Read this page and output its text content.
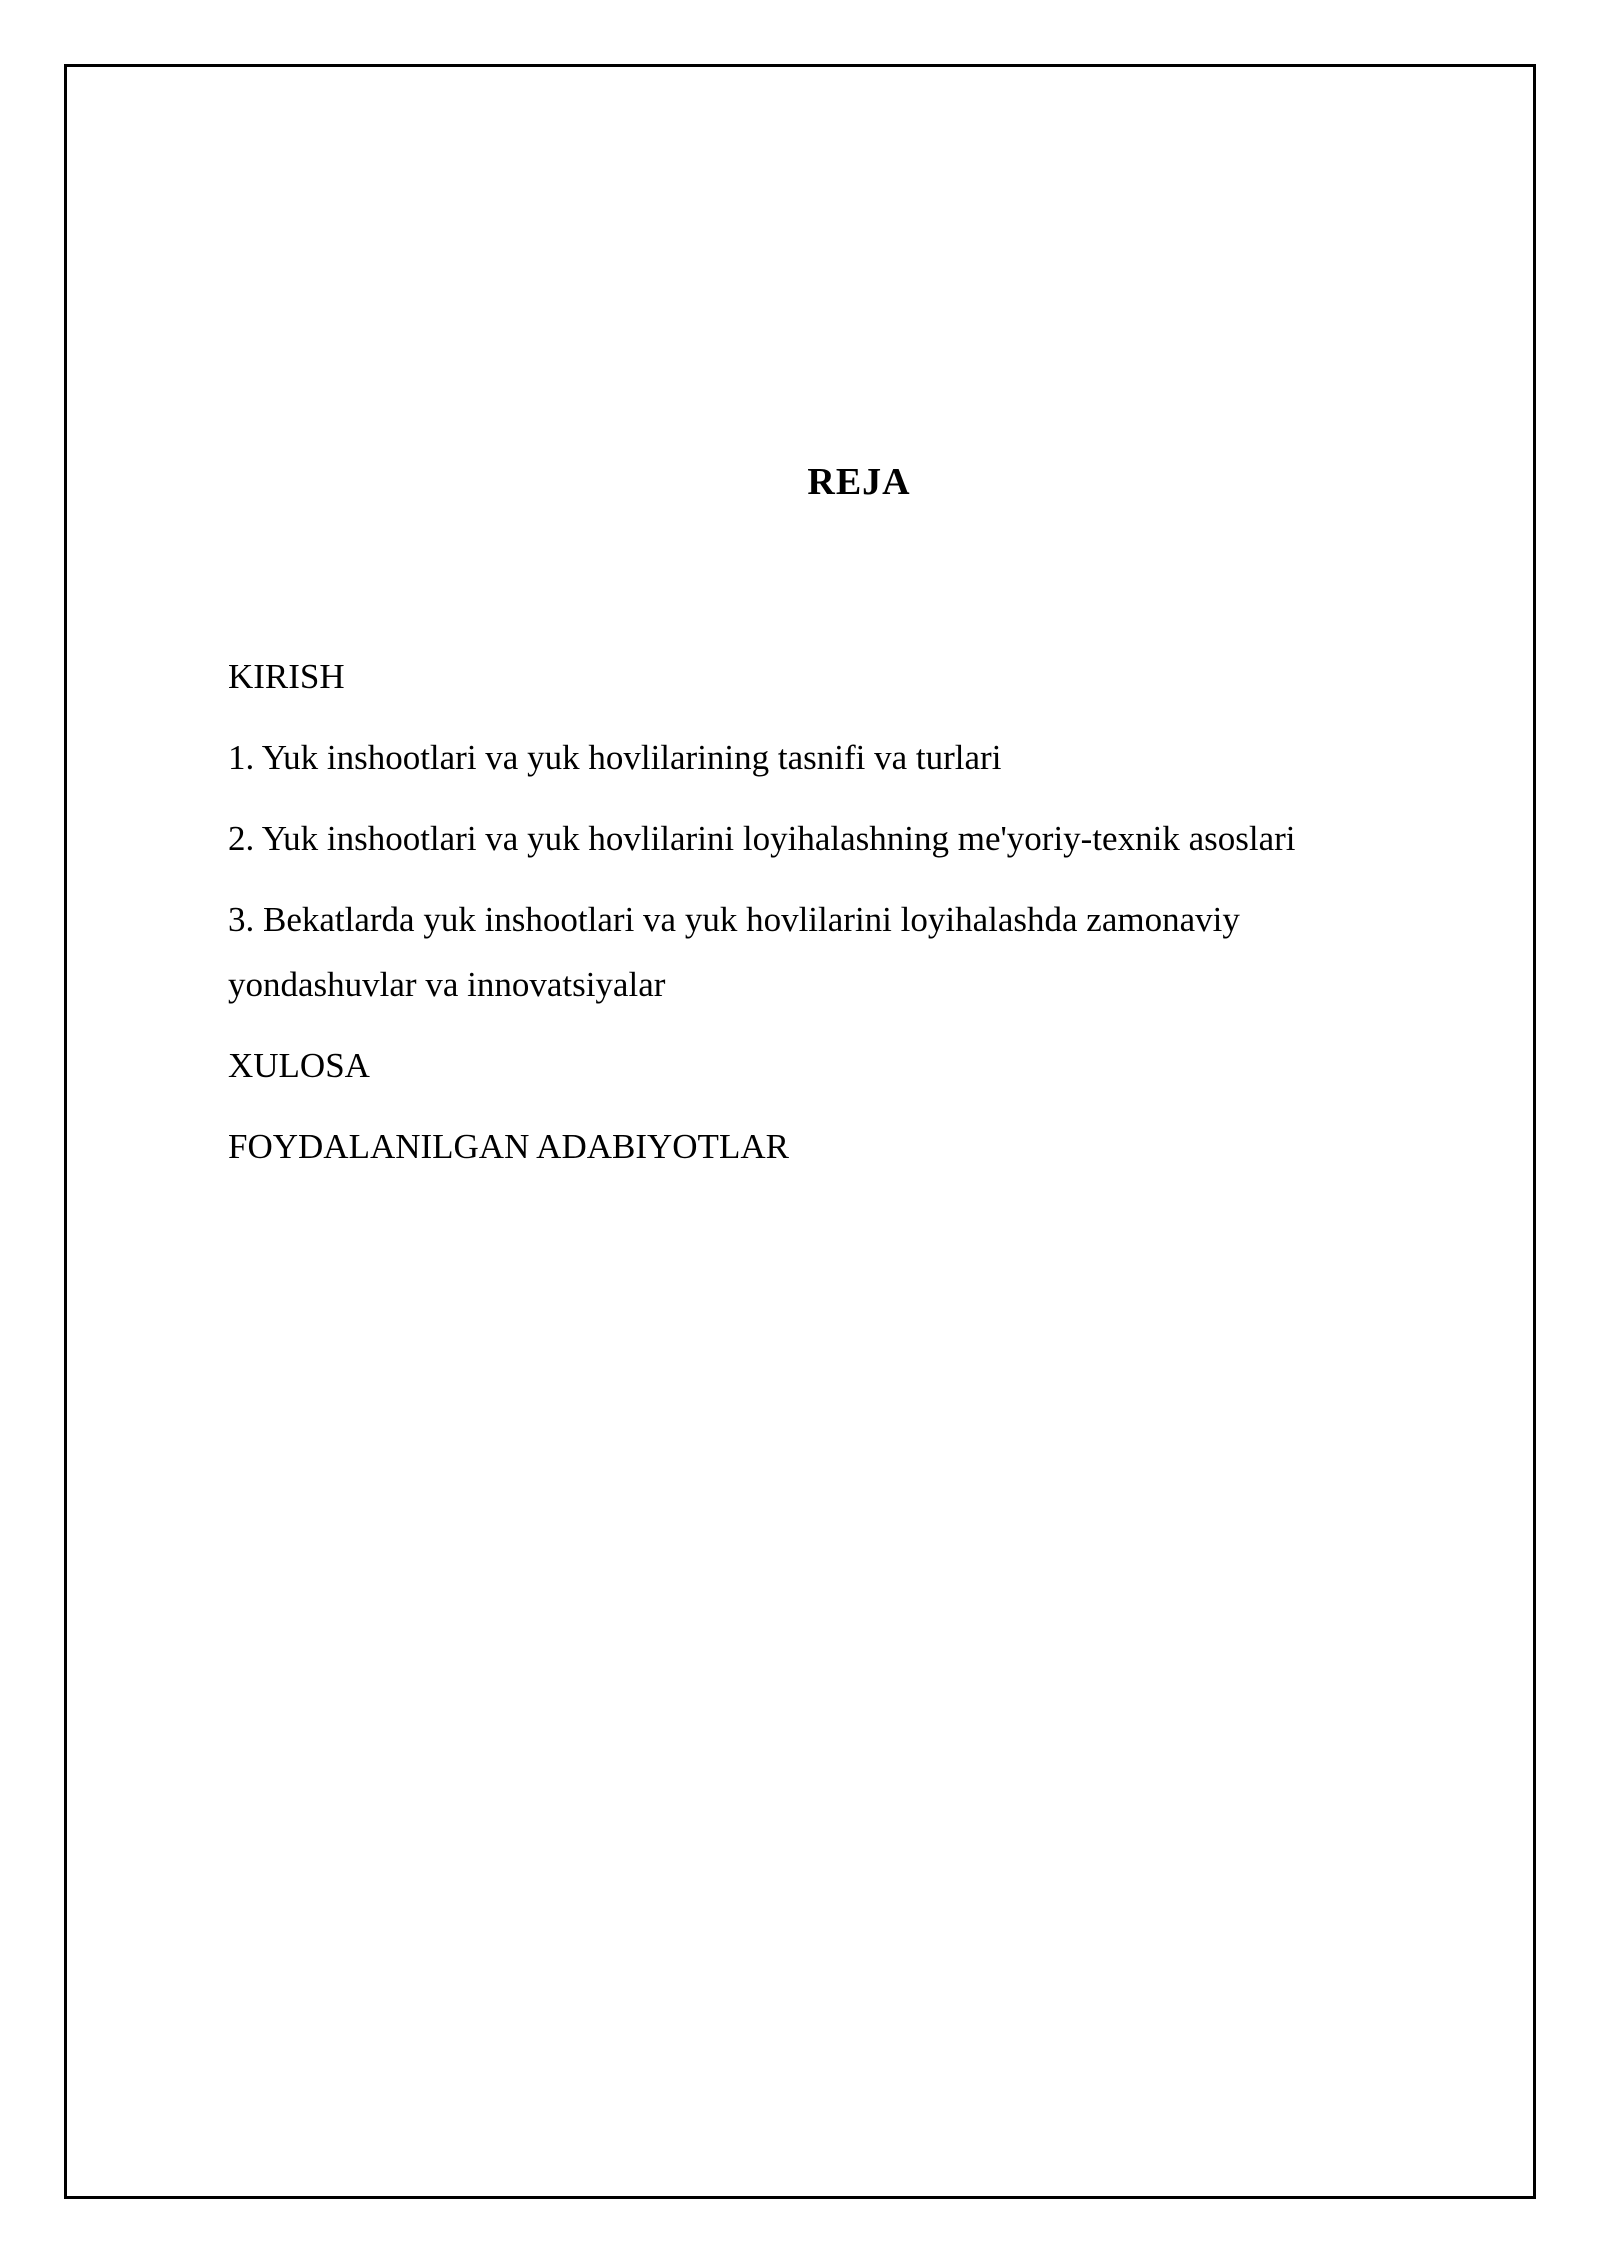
REJA
KIRISH
1. Yuk inshootlari va yuk hovlilarining tasnifi va turlari
2. Yuk inshootlari va yuk hovlilarini loyihalashning me'yoriy-texnik asoslari
3. Bekatlarda yuk inshootlari va yuk hovlilarini loyihalashda zamonaviy yondashuvlar va innovatsiyalar
XULOSA
FOYDALANILGAN ADABIYOTLAR
